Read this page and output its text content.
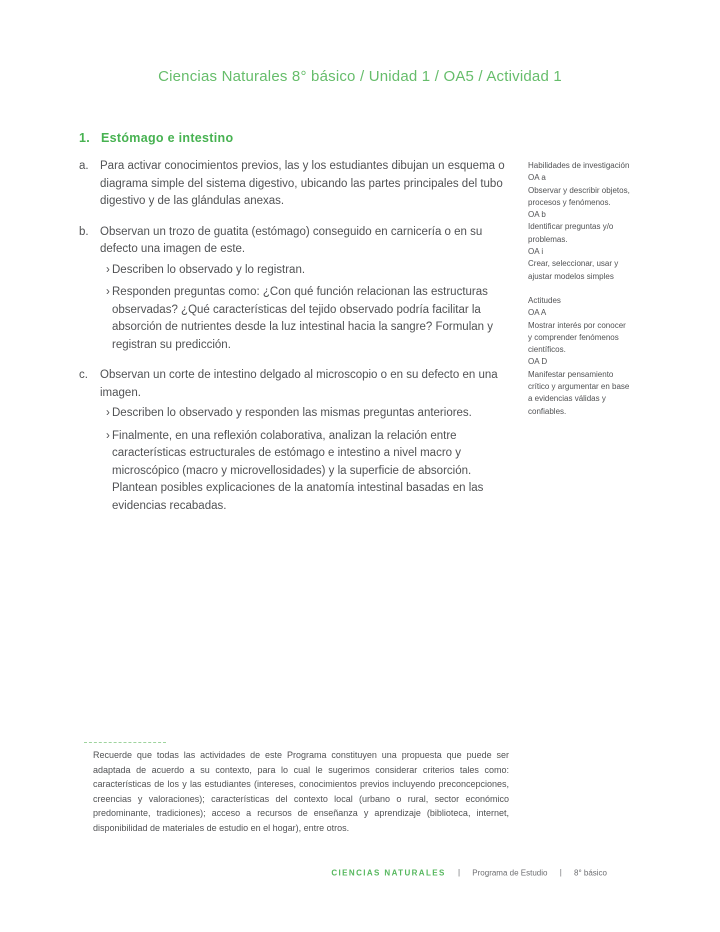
Ciencias Naturales 8° básico / Unidad 1 / OA5 / Actividad 1
1. Estómago e intestino
a. Para activar conocimientos previos, las y los estudiantes dibujan un esquema o diagrama simple del sistema digestivo, ubicando las partes principales del tubo digestivo y de las glándulas anexas.
b. Observan un trozo de guatita (estómago) conseguido en carnicería o en su defecto una imagen de este.
› Describen lo observado y lo registran.
› Responden preguntas como: ¿Con qué función relacionan las estructuras observadas? ¿Qué características del tejido observado podría facilitar la absorción de nutrientes desde la luz intestinal hacia la sangre? Formulan y registran su predicción.
c.	Observan un corte de intestino delgado al microscopio o en su defecto en una imagen.
› Describen lo observado y responden las mismas preguntas anteriores.
› Finalmente, en una reflexión colaborativa, analizan la relación entre características estructurales de estómago e intestino a nivel macro y microscópico (macro y microvellosidades) y la superficie de absorción. Plantean posibles explicaciones de la anatomía intestinal basadas en las evidencias recabadas.
Habilidades de investigación
OA a
Observar y describir objetos, procesos y fenómenos.
OA b
Identificar preguntas y/o problemas.
OA i
Crear, seleccionar, usar y ajustar modelos simples
Actitudes
OA A
Mostrar interés por conocer y comprender fenómenos científicos.
OA D
Manifestar pensamiento crítico y argumentar en base a evidencias válidas y confiables.
Recuerde que todas las actividades de este Programa constituyen una propuesta que puede ser adaptada de acuerdo a su contexto, para lo cual le sugerimos considerar criterios tales como: características de los y las estudiantes (intereses, conocimientos previos incluyendo preconcepciones, creencias y valoraciones); características del contexto local (urbano o rural, sector económico predominante, tradiciones); acceso a recursos de enseñanza y aprendizaje (biblioteca, internet, disponibilidad de materiales de estudio en el hogar), entre otros.
CIENCIAS NATURALES | Programa de Estudio | 8° básico
